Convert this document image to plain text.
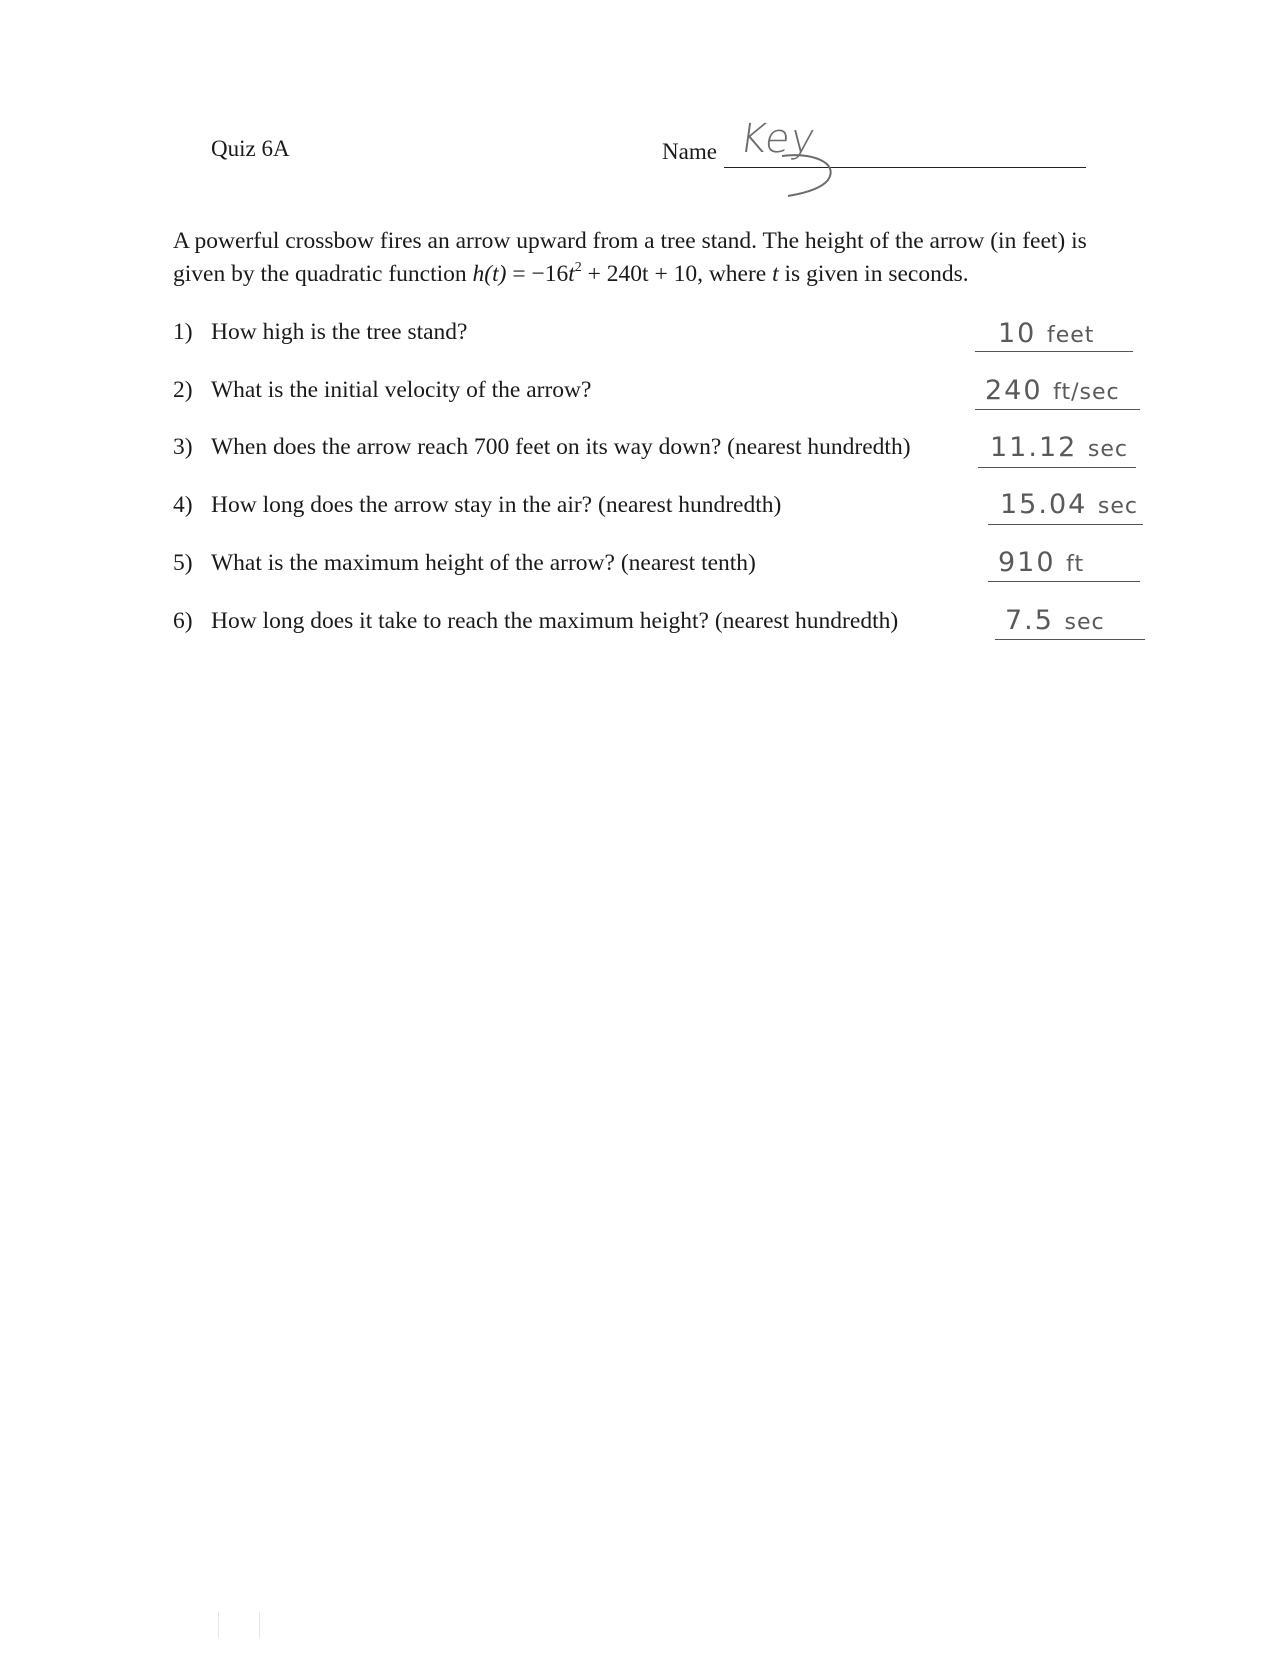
Quiz 6A	Name Key
A powerful crossbow fires an arrow upward from a tree stand. The height of the arrow (in feet) is
given by the quadratic function $h(t) = -16t^2 + 240t + 10$, where t is given in seconds.
1) How high is the tree stand?	10 feet
2) What is the initial velocity of the arrow?	240 ft/sec
3) When does the arrow reach 700 feet on its way down? (nearest hundredth)	11.12 sec
4) How long does the arrow stay in the air? (nearest hundredth)	15.04 sec
5) What is the maximum height of the arrow? (nearest tenth)	910 ft
6) How long does it take to reach the maximum height? (nearest hundredth)	7.5 sec
